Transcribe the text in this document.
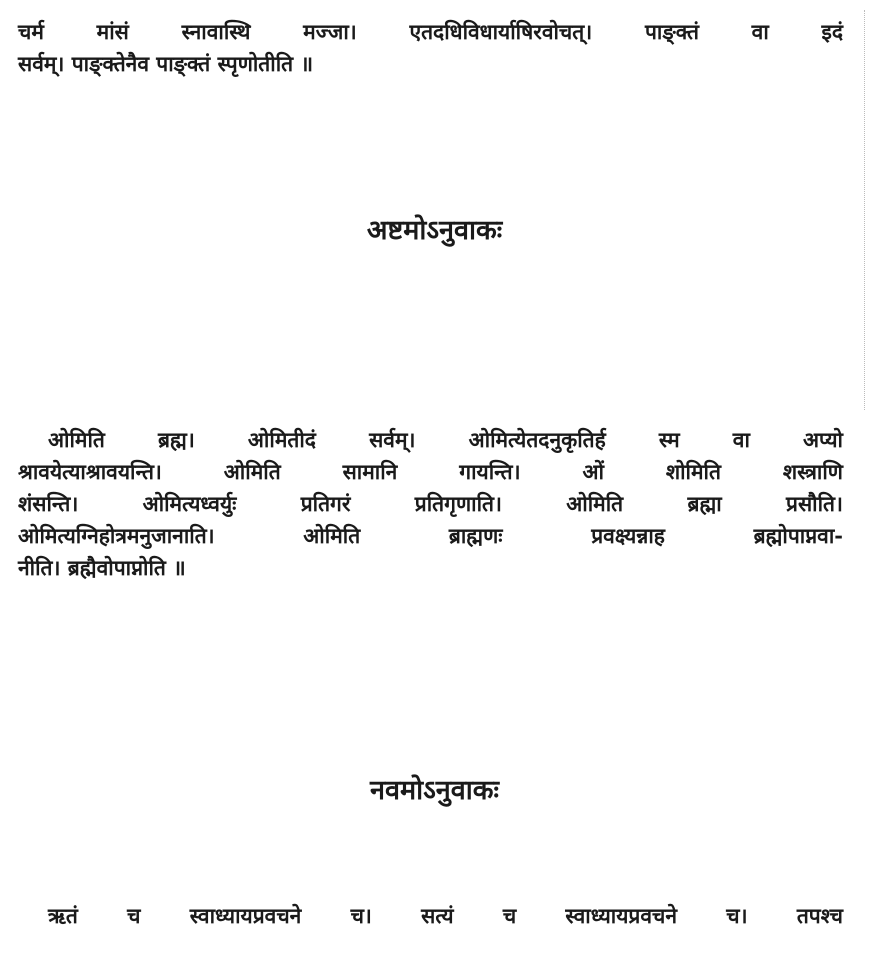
चर्म मांसं स्नावास्थि मज्जा। एतदधिविधार्याषिरवोचत्। पाङ्क्तं वा इदं
सर्वम्। पाङ्क्तेनैव पाङ्क्तं स्पृणोतीति ॥
अष्टमोऽनुवाकः
ओमिति ब्रह्म। ओमितीदं सर्वम्। ओमित्येतदनुकृतिर्ह स्म वा अप्यो
श्रावयेत्याश्रावयन्ति। ओमिति सामानि गायन्ति। ओं शोमिति शस्त्राणि
शंसन्ति। ओमित्यध्वर्युः प्रतिगरं प्रतिगृणाति। ओमिति ब्रह्मा प्रसौति।
ओमित्यग्निहोत्रमनुजानाति। ओमिति ब्राह्मणः प्रवक्ष्यन्नाह ब्रह्मोपाप्नवा-
नीति। ब्रह्मैवोपाप्नोति ॥
नवमोऽनुवाकः
ऋतं च स्वाध्यायप्रवचने च। सत्यं च स्वाध्यायप्रवचने च। तपश्च
